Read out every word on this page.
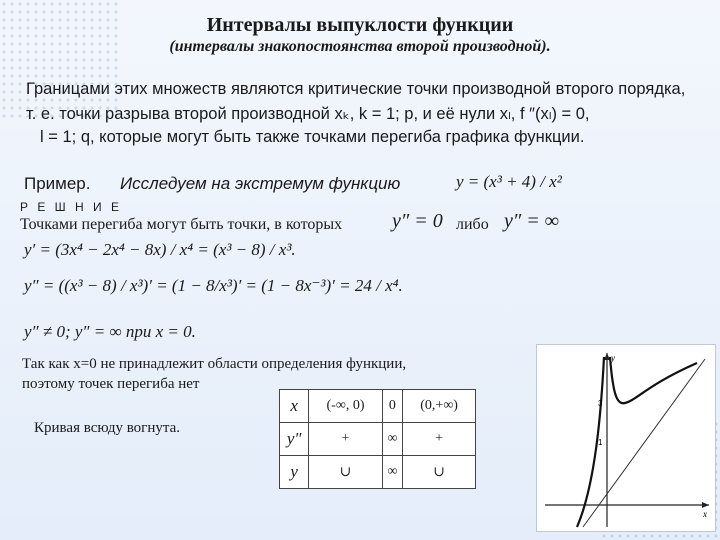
Интервалы выпуклости функции
(интервалы знакопостоянства второй производной).
Границами этих множеств являются критические точки производной второго порядка,
т. е. точки разрыва второй производной xₖ, k = 1; p, и её нули xₗ, f ″(xₗ) = 0,
l = 1; q, которые могут быть также точками перегиба графика функции.
Пример. Исследуем на экстремум функцию	y = (x³ + 4) / x²
Р Е Ш Н И Е
Точками перегиба могут быть точки, в которых y″ = 0 либо y″ = ∞
y′ = (3x⁴ − 2x⁴ − 8x) / x⁴ = (x³ − 8) / x³.
y″ = ((x³ − 8) / x³)′ = (1 − 8/x³)′ = (1 − 8x⁻³)′ = 24 / x⁴.
y″ ≠ 0; y″ = ∞ при x = 0.
Так как x=0 не принадлежит области определения функции,
поэтому точек перегиба нет
Кривая всюду вогнута.
x	(-∞, 0)	0	(0,+∞)
y″	+	∞	+
y	∪	∞	∪
y
x
3
1
